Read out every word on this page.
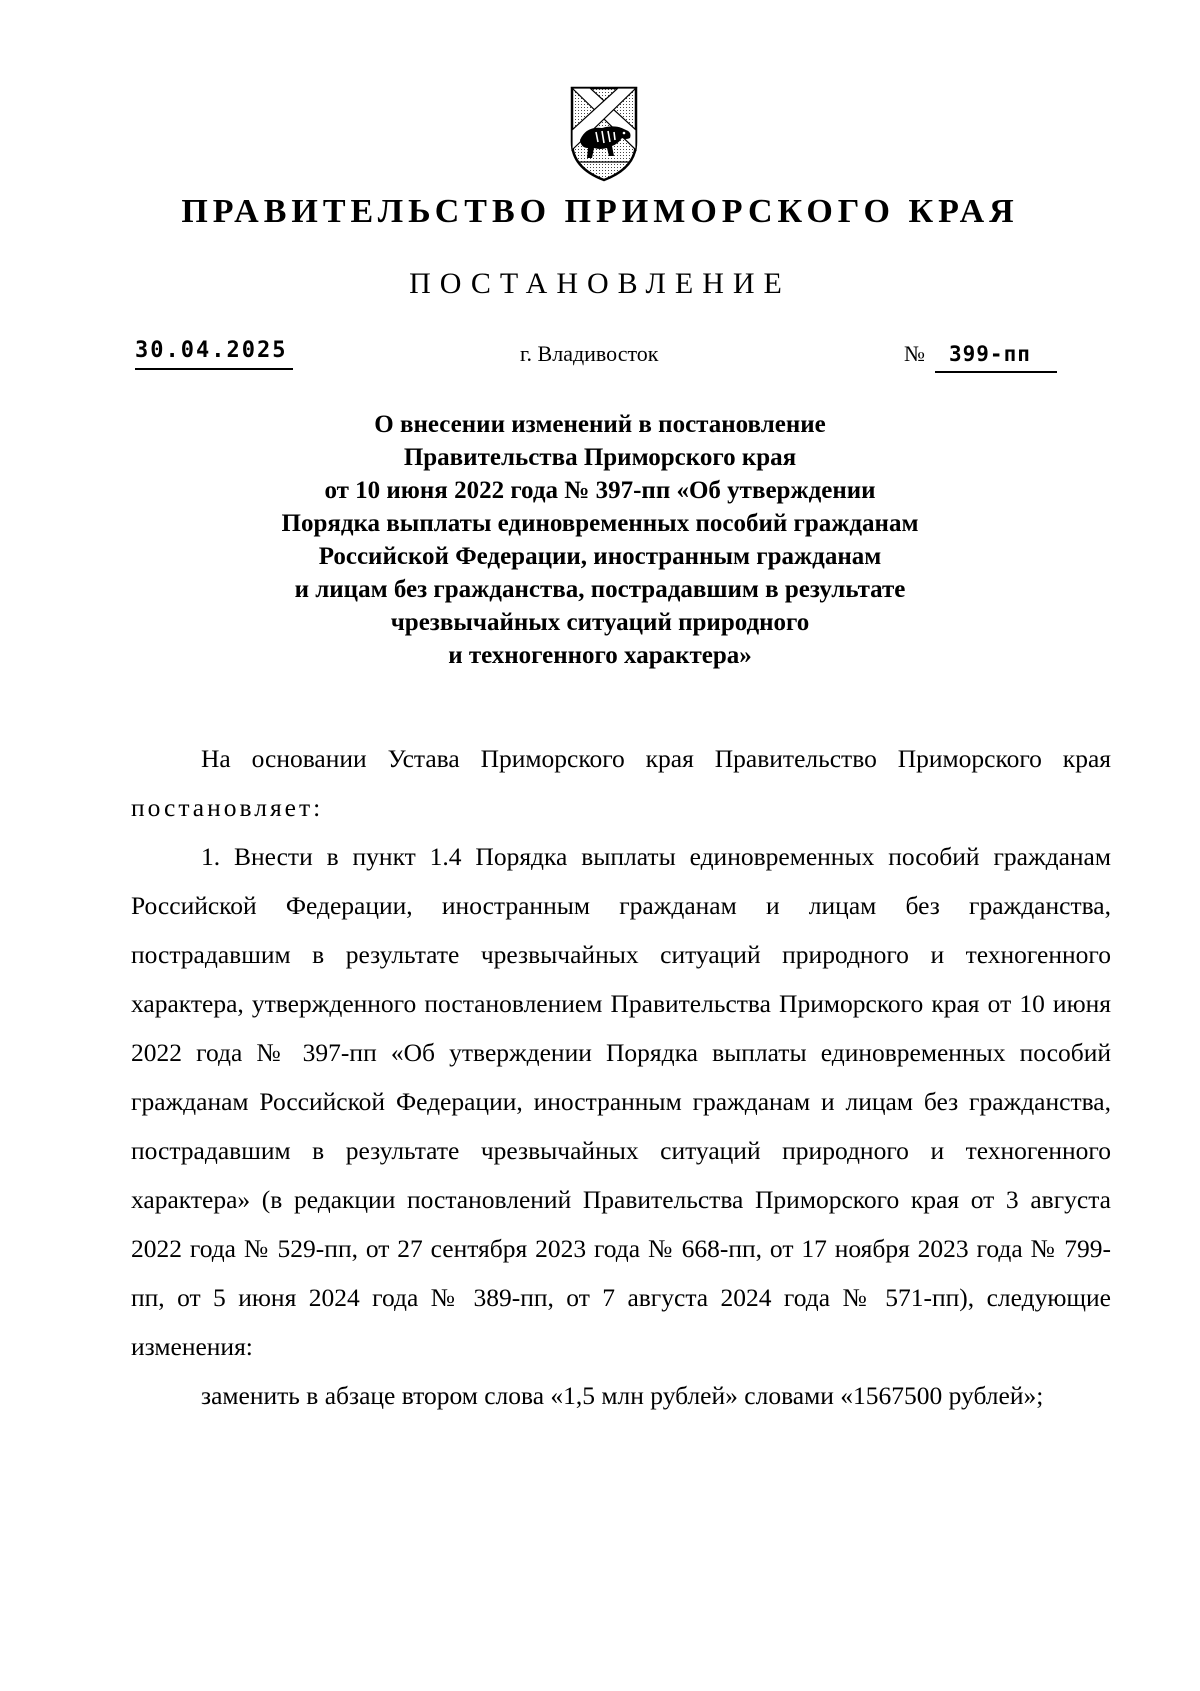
ПРАВИТЕЛЬСТВО ПРИМОРСКОГО КРАЯ
ПОСТАНОВЛЕНИЕ
30.04.2025	г. Владивосток	№ 399-пп
О внесении изменений в постановление
Правительства Приморского края
от 10 июня 2022 года № 397-пп «Об утверждении
Порядка выплаты единовременных пособий гражданам
Российской Федерации, иностранным гражданам
и лицам без гражданства, пострадавшим в результате
чрезвычайных ситуаций природного
и техногенного характера»

На основании Устава Приморского края Правительство Приморского края постановляет:

1. Внести в пункт 1.4 Порядка выплаты единовременных пособий гражданам Российской Федерации, иностранным гражданам и лицам без гражданства, пострадавшим в результате чрезвычайных ситуаций природного и техногенного характера, утвержденного постановлением Правительства Приморского края от 10 июня 2022 года № 397-пп «Об утверждении Порядка выплаты единовременных пособий гражданам Российской Федерации, иностранным гражданам и лицам без гражданства, пострадавшим в результате чрезвычайных ситуаций природного и техногенного характера» (в редакции постановлений Правительства Приморского края от 3 августа 2022 года № 529-пп, от 27 сентября 2023 года № 668-пп, от 17 ноября 2023 года № 799-пп, от 5 июня 2024 года № 389-пп, от 7 августа 2024 года № 571-пп), следующие изменения:

заменить в абзаце втором слова «1,5 млн рублей» словами «1567500 рублей»;
